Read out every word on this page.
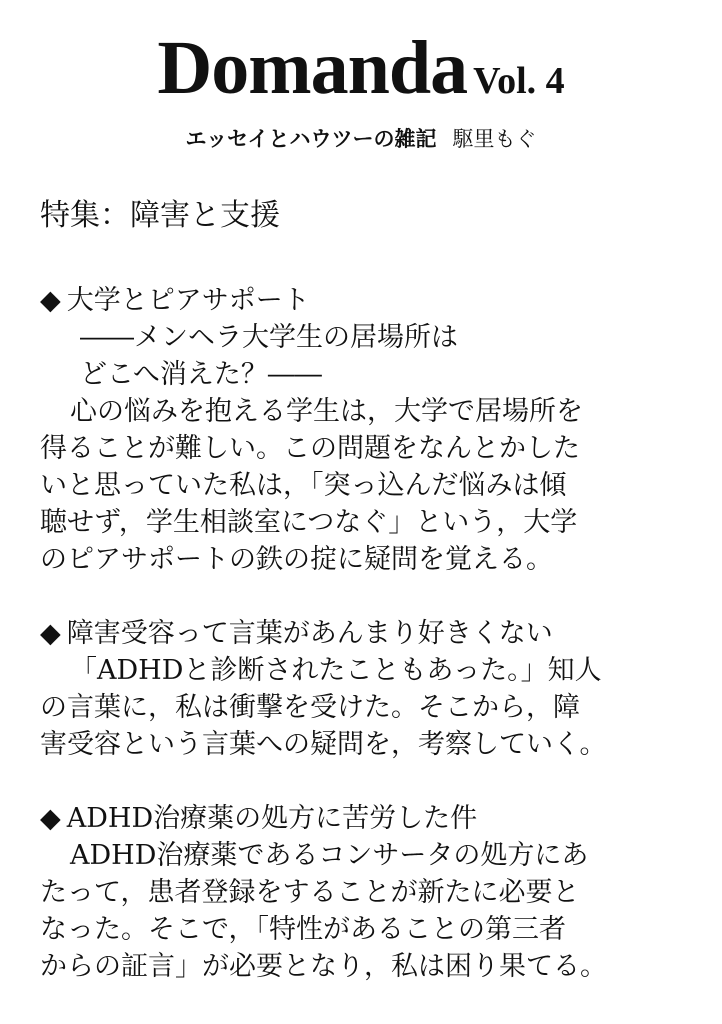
Domanda Vol. 4
エッセイとハウツーの雑記 駆里もぐ
特集：障害と支援
◆ 大学とピアサポート
――メンヘラ大学生の居場所は
どこへ消えた？――
心の悩みを抱える学生は，大学で居場所を
得ることが難しい。この問題をなんとかした
いと思っていた私は，「突っ込んだ悩みは傾
聴せず，学生相談室につなぐ」という，大学
のピアサポートの鉄の掟に疑問を覚える。
◆ 障害受容って言葉があんまり好きくない
「ADHDと診断されたこともあった。」知人
の言葉に，私は衝撃を受けた。そこから，障
害受容という言葉への疑問を，考察していく。
◆ ADHD治療薬の処方に苦労した件
ADHD治療薬であるコンサータの処方にあ
たって，患者登録をすることが新たに必要と
なった。そこで，「特性があることの第三者
からの証言」が必要となり，私は困り果てる。
